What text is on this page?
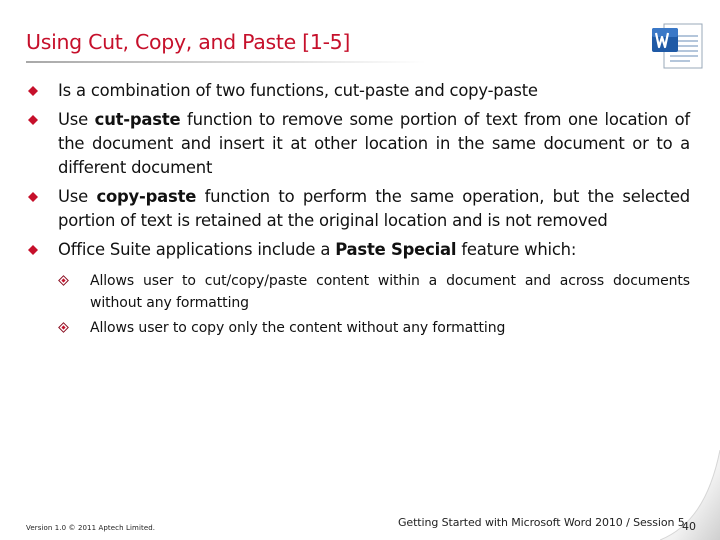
Using Cut, Copy, and Paste [1-5]
Is a combination of two functions, cut-paste and copy-paste
Use cut-paste function to remove some portion of text from one location of the document and insert it at other location in the same document or to a different document
Use copy-paste function to perform the same operation, but the selected portion of text is retained at the original location and is not removed
Office Suite applications include a Paste Special feature which:
Allows user to cut/copy/paste content within a document and across documents without any formatting
Allows user to copy only the content without any formatting
Version 1.0 © 2011 Aptech Limited.	Getting Started with Microsoft Word 2010 / Session 5
40
